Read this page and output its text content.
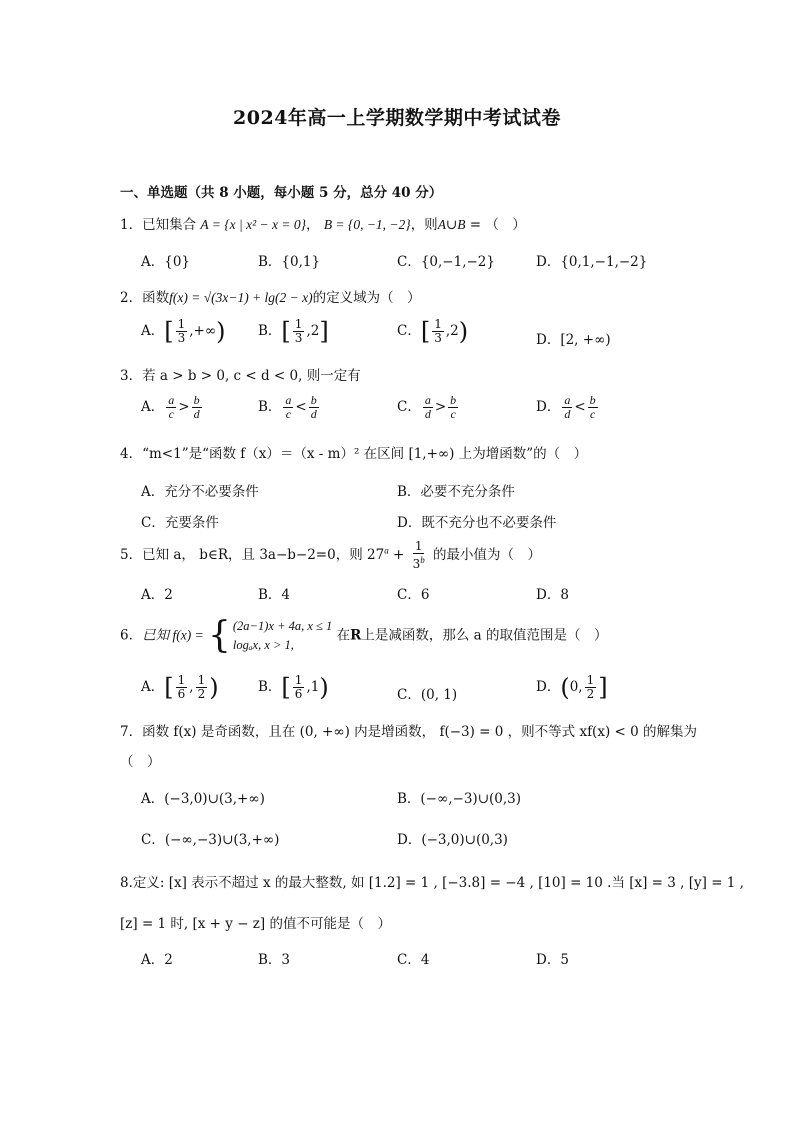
2024年高一上学期数学期中考试试卷
一、单选题（共 8 小题，每小题 5 分，总分 40 分）
1．已知集合 A = {x | x² − x = 0}， B = {0, −1, −2}，则A∪B = （　）
A．{0}	B．{0,1}	C．{0,−1,−2}	D．{0,1,−1,−2}
2．函数f(x) = √(3x−1) + lg(2 − x)的定义域为（　）
A．[ $\frac{1}{3}$ ,+∞) B．[ $\frac{1}{3} ,2$]	C．[ $\frac{1}{3} ,2$)	D．[2, +∞)
3．若 a > b > 0, c < d < 0, 则一定有
A． $\frac{a}{c} > \frac{b}{d}$	B． $\frac{a}{c} < \frac{b}{d}$	C． $\frac{a}{d} > \frac{b}{c}$	D． $\frac{a}{d} < \frac{b}{c}$
4．“m<1”是“函数 f（x）＝（x - m）² 在区间 [1,+∞) 上为增函数”的（　）
A．充分不必要条件	B．必要不充分条件
C．充要条件	D．既不充分也不必要条件
5．已知 a， b∈R，且 3a−b−2=0，则 $27^a + \frac{1}{3^b}$ 的最小值为（　）
A．2	B．4	C．6	D．8
6．已知 f(x) = { (2a−1)x + 4a, x ≤ 1
logₐx, x > 1,
在R上是减函数，那么 a 的取值范围是（　）
A．[ $\frac{1}{6}$ , $\frac{1}{2}$ )	B．[ $\frac{1}{6} ,1$)	C．(0, 1)	D．(0, $\frac{1}{2}$ ]
7．函数 f(x) 是奇函数，且在 (0, +∞) 内是增函数， f(−3) = 0 ，则不等式 xf(x) < 0 的解集为
（　）
A．(−3,0)∪(3,+∞)	B．(−∞,−3)∪(0,3)
C．(−∞,−3)∪(3,+∞)	D．(−3,0)∪(0,3)
8.定义: [x] 表示不超过 x 的最大整数, 如 [1.2] = 1 , [−3.8] = −4 , [10] = 10 .当 [x] = 3 , [y] = 1 ,
[z] = 1 时, [x + y − z] 的值不可能是（　）
A．2	B．3	C．4	D．5
